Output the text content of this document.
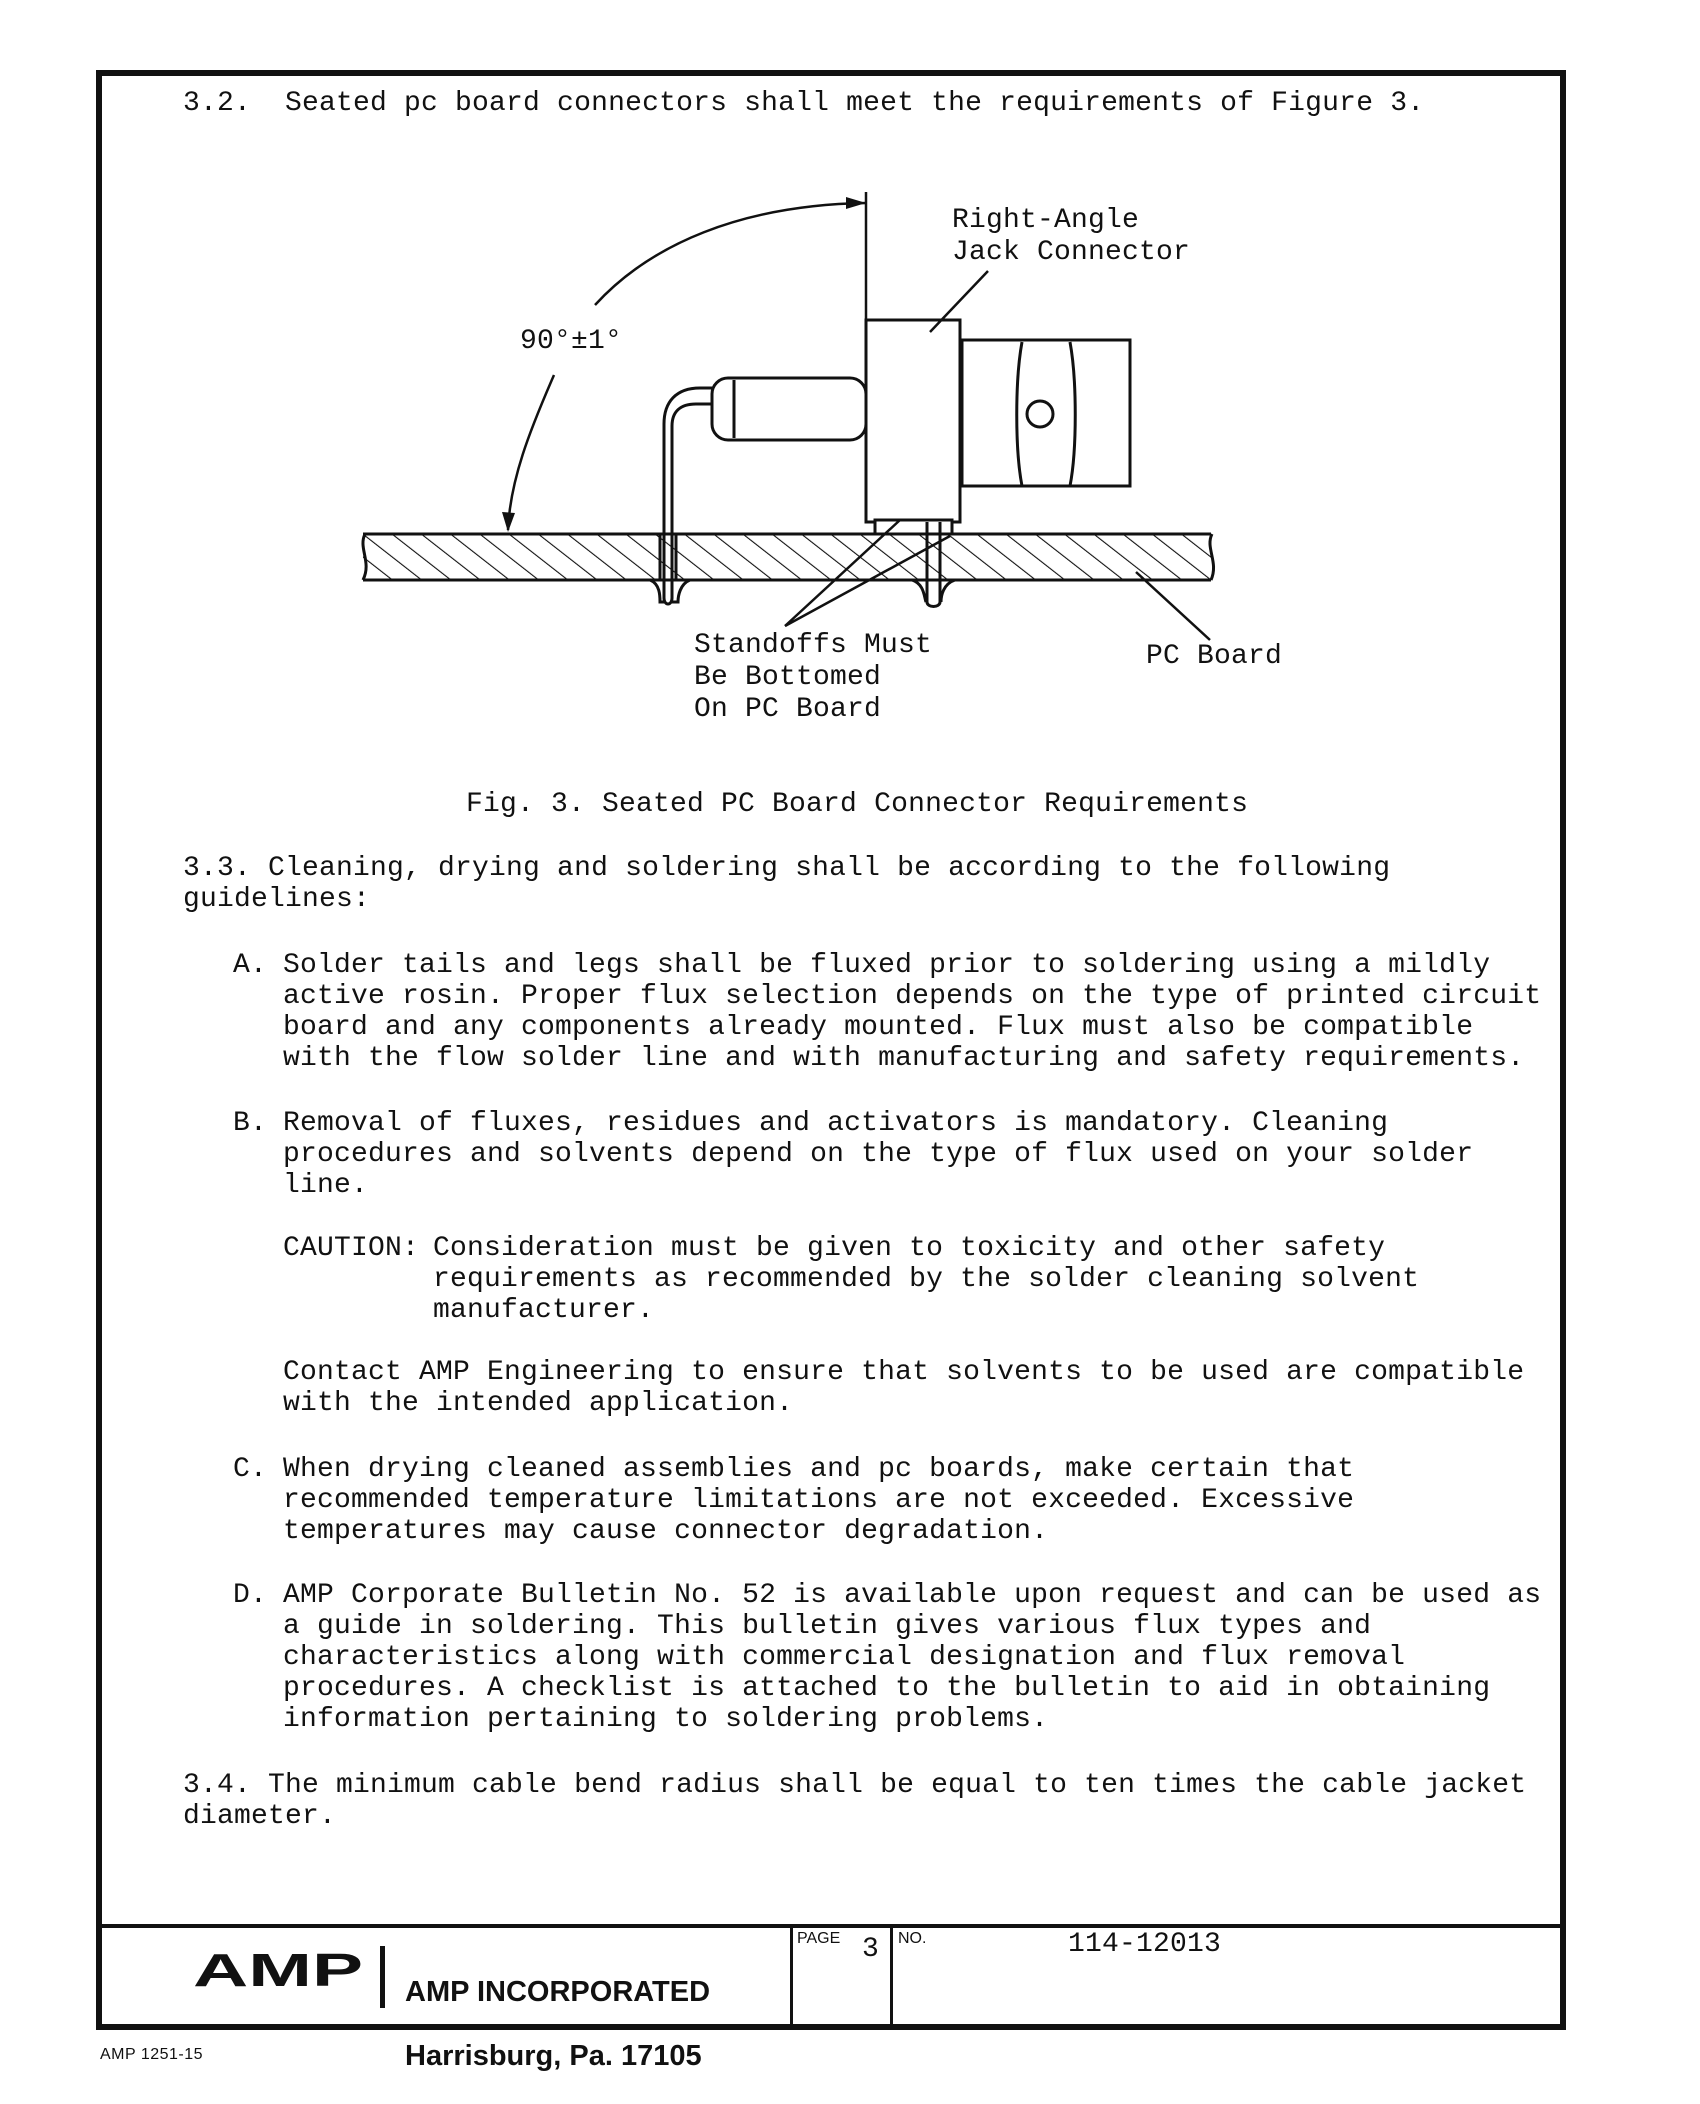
3.2.  Seated pc board connectors shall meet the requirements of Figure 3.
90°±1°
Right-Angle
Jack Connector
Standoffs Must
Be Bottomed
On PC Board
PC Board
Fig. 3. Seated PC Board Connector Requirements
3.3. Cleaning, drying and soldering shall be according to the following
guidelines:
A. Solder tails and legs shall be fluxed prior to soldering using a mildly
active rosin. Proper flux selection depends on the type of printed circuit
board and any components already mounted. Flux must also be compatible
with the flow solder line and with manufacturing and safety requirements.
B. Removal of fluxes, residues and activators is mandatory. Cleaning
procedures and solvents depend on the type of flux used on your solder
line.
CAUTION: Consideration must be given to toxicity and other safety
requirements as recommended by the solder cleaning solvent
manufacturer.
Contact AMP Engineering to ensure that solvents to be used are compatible
with the intended application.
C. When drying cleaned assemblies and pc boards, make certain that
recommended temperature limitations are not exceeded. Excessive
temperatures may cause connector degradation.
D. AMP Corporate Bulletin No. 52 is available upon request and can be used as
a guide in soldering. This bulletin gives various flux types and
characteristics along with commercial designation and flux removal
procedures. A checklist is attached to the bulletin to aid in obtaining
information pertaining to soldering problems.
3.4. The minimum cable bend radius shall be equal to ten times the cable jacket
diameter.
AMP AMP INCORPORATED

Harrisburg, Pa. 17105

PAGE 3 NO.	114-12013
AMP 1251-15
